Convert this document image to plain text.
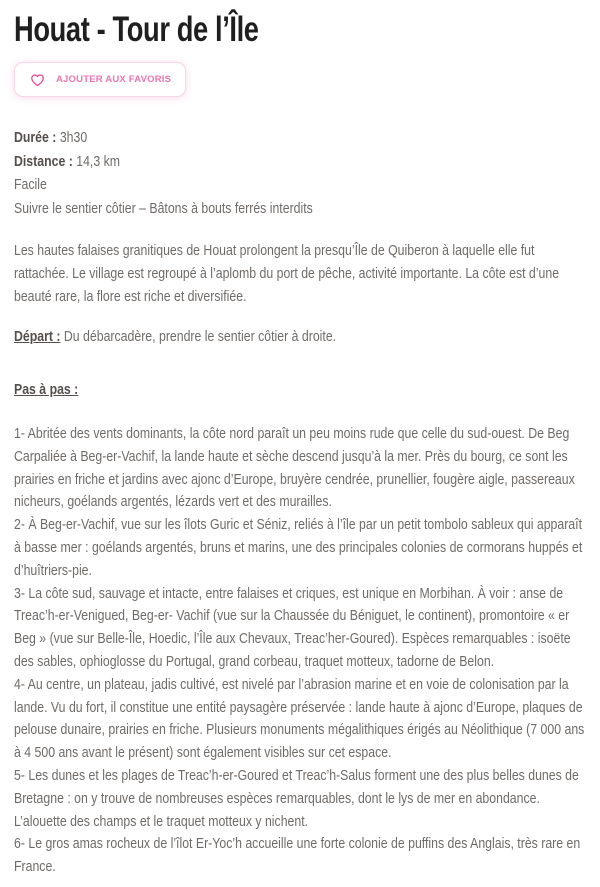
Houat - Tour de l’Île
AJOUTER AUX FAVORIS
Durée : 3h30
Distance : 14,3 km
Facile
Suivre le sentier côtier – Bâtons à bouts ferrés interdits

Les hautes falaises granitiques de Houat prolongent la presqu’Île de Quiberon à laquelle elle fut rattachée. Le village est regroupé à l’aplomb du port de pêche, activité importante. La côte est d’une beauté rare, la flore est riche et diversifiée.

Départ : Du débarcadère, prendre le sentier côtier à droite.

Pas à pas :

1- Abritée des vents dominants, la côte nord paraît un peu moins rude que celle du sud-ouest. De Beg Carpaliée à Beg-er-Vachif, la lande haute et sèche descend jusqu’à la mer. Près du bourg, ce sont les prairies en friche et jardins avec ajonc d’Europe, bruyère cendrée, prunellier, fougère aigle, passereaux nicheurs, goélands argentés, lézards vert et des murailles.

2- À Beg-er-Vachif, vue sur les îlots Guric et Séniz, reliés à l’île par un petit tombolo sableux qui apparaît à basse mer : goélands argentés, bruns et marins, une des principales colonies de cormorans huppés et d’huîtriers-pie.

3- La côte sud, sauvage et intacte, entre falaises et criques, est unique en Morbihan. À voir : anse de Treac’h-er-Venigued, Beg-er- Vachif (vue sur la Chaussée du Béniguet, le continent), promontoire « er Beg » (vue sur Belle-Île, Hoedic, l’Île aux Chevaux, Treac’her-Goured). Espèces remarquables : isoëte des sables, ophioglosse du Portugal, grand corbeau, traquet motteux, tadorne de Belon.

4- Au centre, un plateau, jadis cultivé, est nivelé par l’abrasion marine et en voie de colonisation par la lande. Vu du fort, il constitue une entité paysagère préservée : lande haute à ajonc d’Europe, plaques de pelouse dunaire, prairies en friche. Plusieurs monuments mégalithiques érigés au Néolithique (7 000 ans à 4 500 ans avant le présent) sont également visibles sur cet espace.

5- Les dunes et les plages de Treac’h-er-Goured et Treac’h-Salus forment une des plus belles dunes de Bretagne : on y trouve de nombreuses espèces remarquables, dont le lys de mer en abondance. L’alouette des champs et le traquet motteux y nichent.

6- Le gros amas rocheux de l’îlot Er-Yoc’h accueille une forte colonie de puffins des Anglais, très rare en France.
